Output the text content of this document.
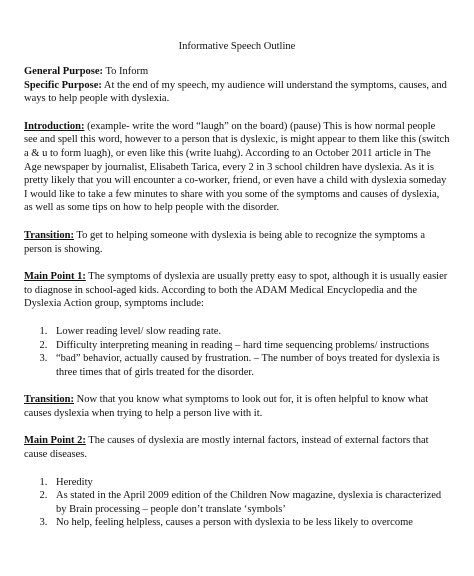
Informative Speech Outline

General Purpose: To Inform

Specific Purpose: At the end of my speech, my audience will understand the symptoms, causes, and ways to help people with dyslexia.

Introduction: (example- write the word “laugh” on the board) (pause) This is how normal people see and spell this word, however to a person that is dyslexic, is might appear to them like this (switch a & u to form luagh), or even like this (write luahg). According to an October 2011 article in The Age newspaper by journalist, Elisabeth Tarica, every 2 in 3 school children have dyslexia. As it is pretty likely that you will encounter a co-worker, friend, or even have a child with dyslexia someday I would like to take a few minutes to share with you some of the symptoms and causes of dyslexia, as well as some tips on how to help people with the disorder.

Transition: To get to helping someone with dyslexia is being able to recognize the symptoms a person is showing.

Main Point 1: The symptoms of dyslexia are usually pretty easy to spot, although it is usually easier to diagnose in school-aged kids. According to both the ADAM Medical Encyclopedia and the Dyslexia Action group, symptoms include:

1. Lower reading level/ slow reading rate.
2. Difficulty interpreting meaning in reading – hard time sequencing problems/ instructions
3. “bad” behavior, actually caused by frustration. – The number of boys treated for dyslexia is three times that of girls treated for the disorder.

Transition: Now that you know what symptoms to look out for, it is often helpful to know what causes dyslexia when trying to help a person live with it.

Main Point 2: The causes of dyslexia are mostly internal factors, instead of external factors that cause diseases.

1. Heredity
2. As stated in the April 2009 edition of the Children Now magazine, dyslexia is characterized by Brain processing – people don’t translate ‘symbols’
3. No help, feeling helpless, causes a person with dyslexia to be less likely to overcome
